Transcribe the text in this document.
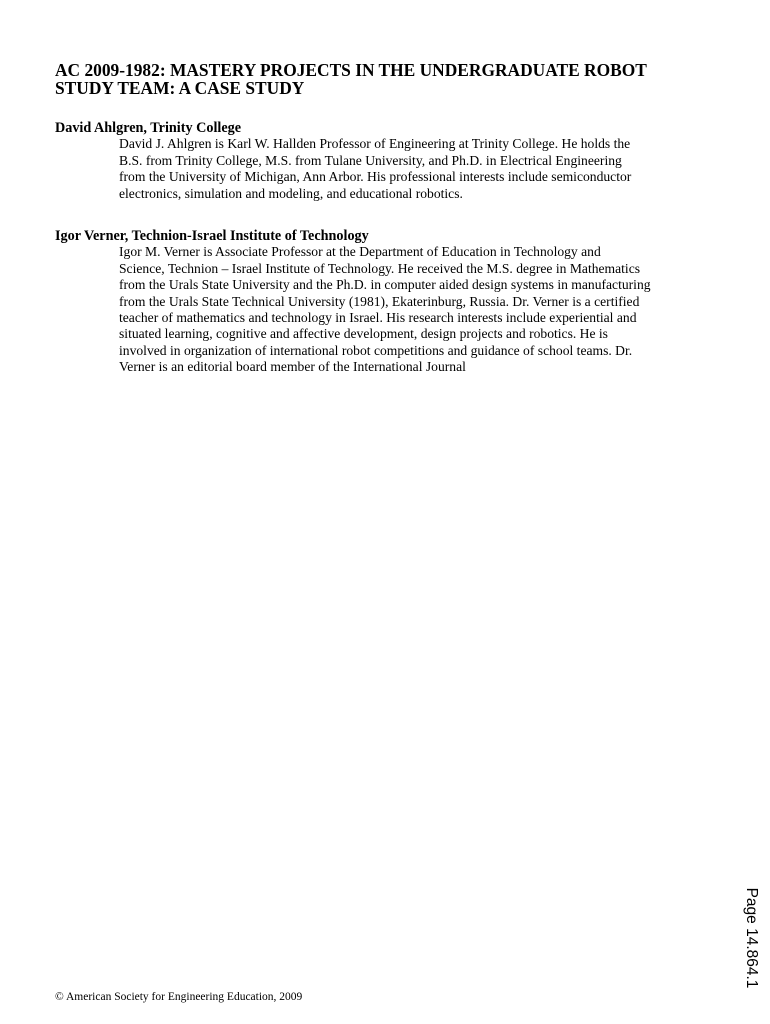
AC 2009-1982: MASTERY PROJECTS IN THE UNDERGRADUATE ROBOT
STUDY TEAM: A CASE STUDY

David Ahlgren, Trinity College

David J. Ahlgren is Karl W. Hallden Professor of Engineering at Trinity College. He holds the
B.S. from Trinity College, M.S. from Tulane University, and Ph.D. in Electrical Engineering
from the University of Michigan, Ann Arbor. His professional interests include semiconductor
electronics, simulation and modeling, and educational robotics.

Igor Verner, Technion-Israel Institute of Technology

Igor M. Verner is Associate Professor at the Department of Education in Technology and
Science, Technion – Israel Institute of Technology. He received the M.S. degree in Mathematics
from the Urals State University and the Ph.D. in computer aided design systems in manufacturing
from the Urals State Technical University (1981), Ekaterinburg, Russia. Dr. Verner is a certified
teacher of mathematics and technology in Israel. His research interests include experiential and
situated learning, cognitive and affective development, design projects and robotics. He is
involved in organization of international robot competitions and guidance of school teams. Dr.
Verner is an editorial board member of the International Journal

Page 14.864.1
© American Society for Engineering Education, 2009
